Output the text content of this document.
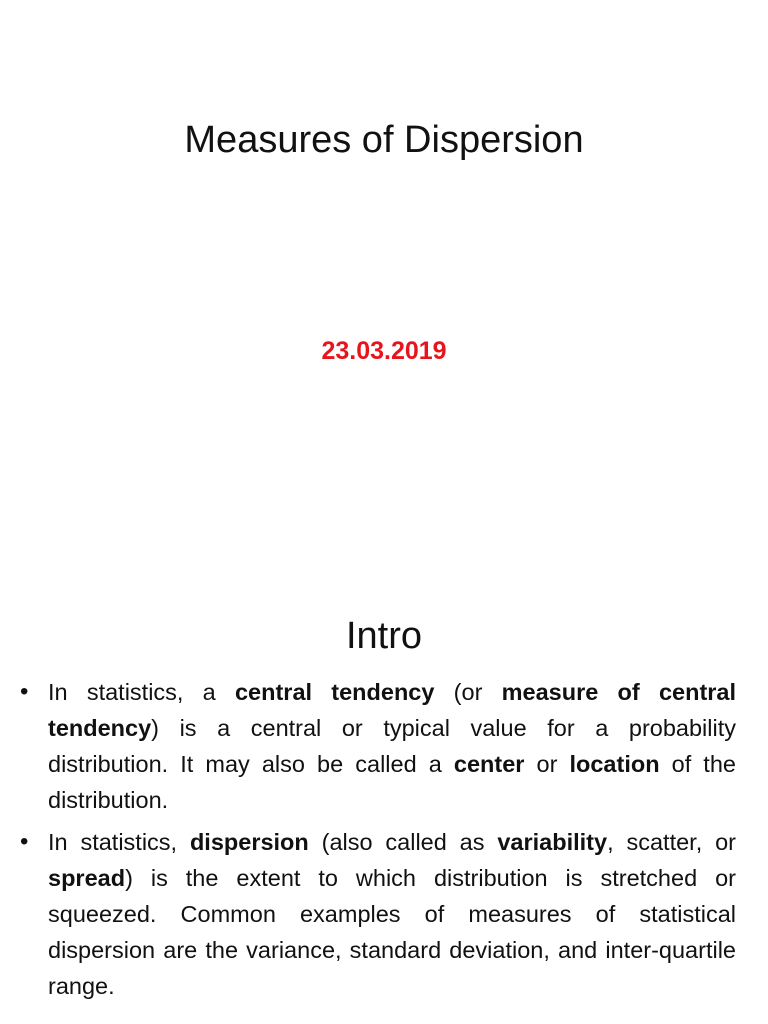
Measures of Dispersion
23.03.2019
Intro
• In statistics, a central tendency (or measure of central tendency) is a central or typical value for a probability distribution. It may also be called a center or location of the distribution.
• In statistics, dispersion (also called as variability, scatter, or spread) is the extent to which distribution is stretched or squeezed. Common examples of measures of statistical dispersion are the variance, standard deviation, and inter-quartile range.
